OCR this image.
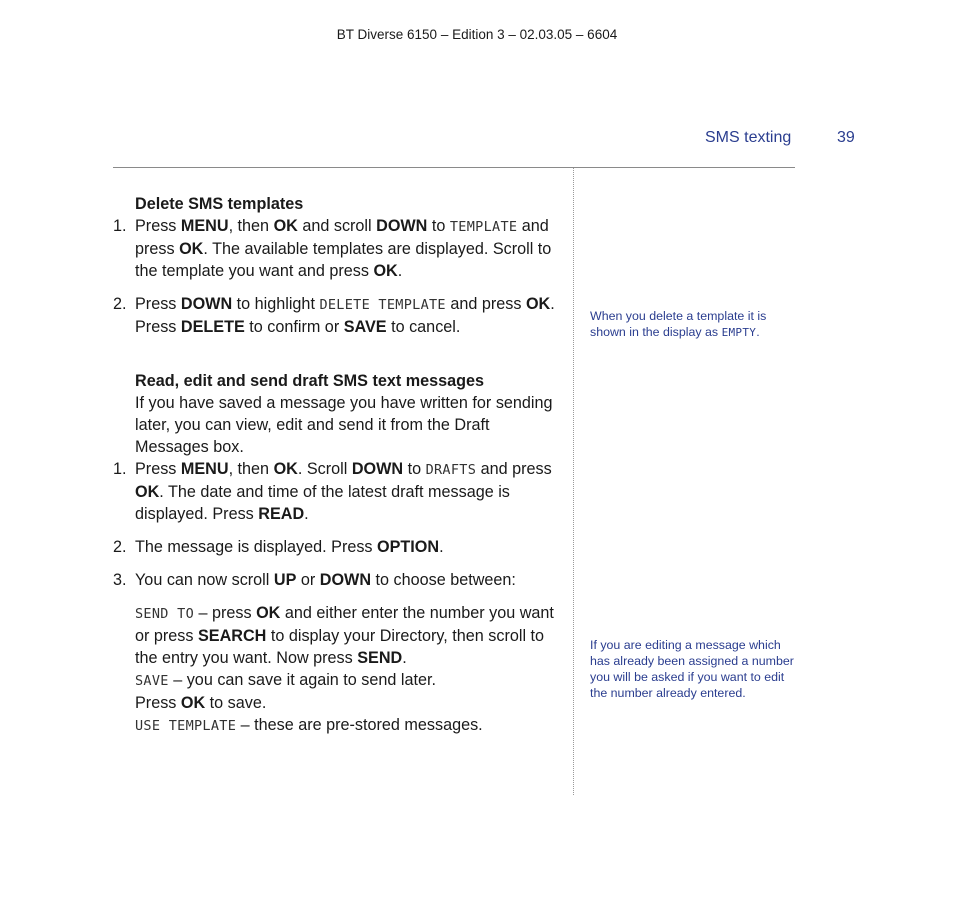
BT Diverse 6150 – Edition 3 – 02.03.05 – 6604
SMS texting	39

Delete SMS templates

1. Press MENU, then OK and scroll DOWN to TEMPLATE and press OK. The available templates are displayed. Scroll to the template you want and press OK.
2. Press DOWN to highlight DELETE TEMPLATE and press OK. Press DELETE to confirm or SAVE to cancel.

Read, edit and send draft SMS text messages

If you have saved a message you have written for sending later, you can view, edit and send it from the Draft Messages box.

1. Press MENU, then OK. Scroll DOWN to DRAFTS and press OK. The date and time of the latest draft message is displayed. Press READ.
2. The message is displayed. Press OPTION.
3. You can now scroll UP or DOWN to choose between:

SEND TO – press OK and either enter the number you want or press SEARCH to display your Directory, then scroll to the entry you want. Now press SEND.

SAVE – you can save it again to send later.
Press OK to save.

USE TEMPLATE – these are pre-stored messages.

When you delete a template it is shown in the display as EMPTY.
If you are editing a message which has already been assigned a number you will be asked if you want to edit the number already entered.
